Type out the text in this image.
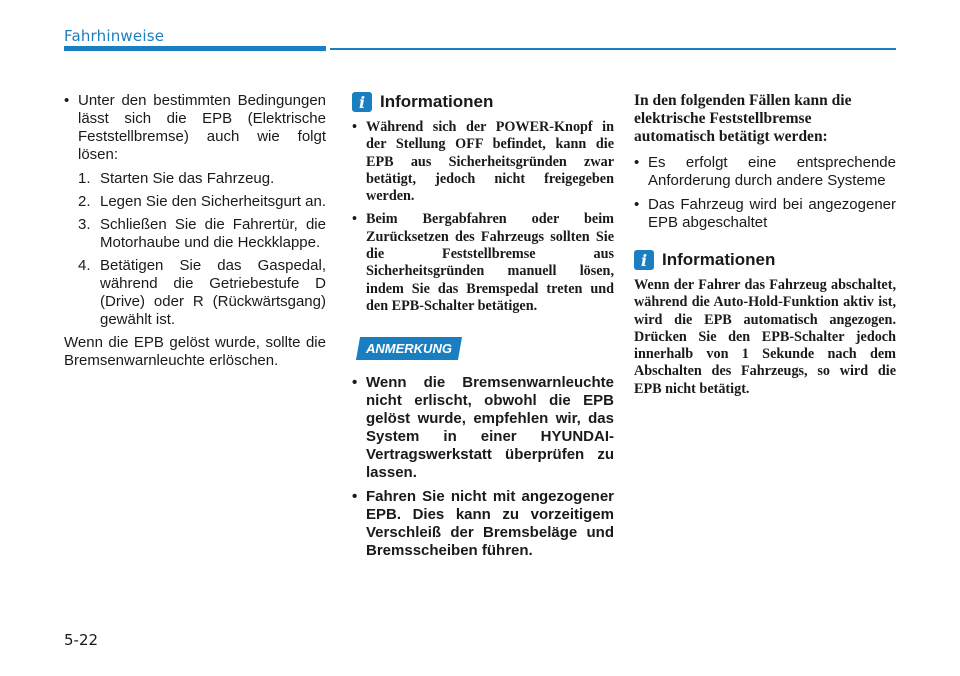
Fahrhinweise
• Unter den bestimmten Bedingungen lässt sich die EPB (Elektrische Feststellbremse) auch wie folgt lösen:
1. Starten Sie das Fahrzeug.
2. Legen Sie den Sicherheitsgurt an.
3. Schließen Sie die Fahrertür, die Motorhaube und die Heckklappe.
4. Betätigen Sie das Gaspedal, während die Getriebestufe D (Drive) oder R (Rückwärtsgang) gewählt ist.

Wenn die EPB gelöst wurde, sollte die Bremsenwarnleuchte erlöschen.

i Informationen
• Während sich der POWER-Knopf in der Stellung OFF befindet, kann die EPB aus Sicherheitsgründen zwar betätigt, jedoch nicht freigegeben werden.
• Beim Bergabfahren oder beim Zurücksetzen des Fahrzeugs sollten Sie die Feststellbremse aus Sicherheitsgründen manuell lösen, indem Sie das Bremspedal treten und den EPB-Schalter betätigen.
ANMERKUNG
• Wenn die Bremsenwarnleuchte nicht erlischt, obwohl die EPB gelöst wurde, empfehlen wir, das System in einer HYUNDAI-Vertragswerkstatt überprüfen zu lassen.
• Fahren Sie nicht mit angezogener EPB. Dies kann zu vorzeitigem Verschleiß der Bremsbeläge und Bremsscheiben führen.

In den folgenden Fällen kann die elektrische Feststellbremse automatisch betätigt werden:

• Es erfolgt eine entsprechende Anforderung durch andere Systeme
• Das Fahrzeug wird bei angezogener EPB abgeschaltet
i Informationen

Wenn der Fahrer das Fahrzeug abschaltet, während die Auto-Hold-Funktion aktiv ist, wird die EPB automatisch angezogen. Drücken Sie den EPB-Schalter jedoch innerhalb von 1 Sekunde nach dem Abschalten des Fahrzeugs, so wird die EPB nicht betätigt.

5-22
